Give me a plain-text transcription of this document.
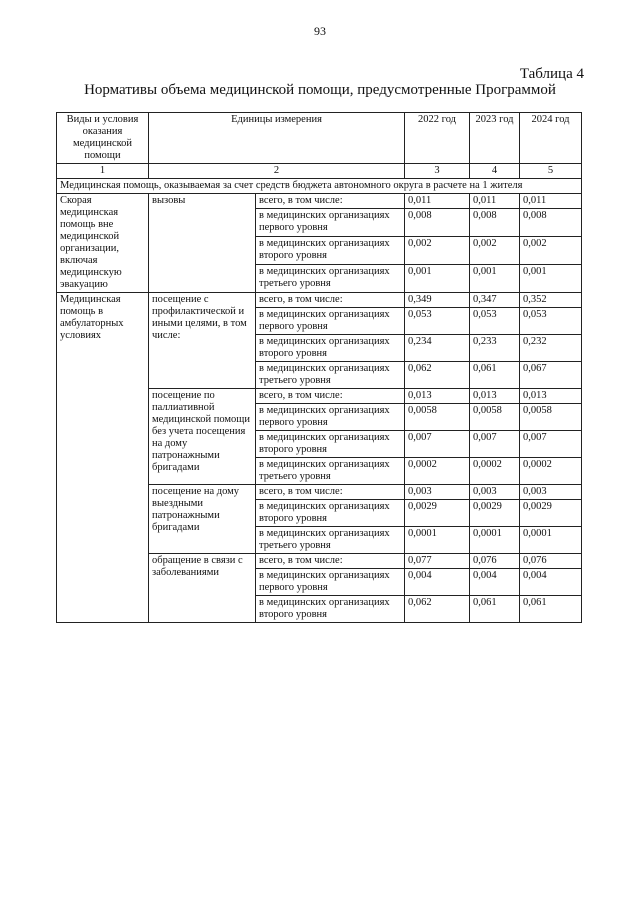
93
Таблица 4
Нормативы объема медицинской помощи, предусмотренные Программой
Виды и условия оказания медицинской помощи	Единицы измерения		2022 год	2023 год	2024 год
1	2		3	4	5
Медицинская помощь, оказываемая за счет средств бюджета автономного округа в расчете на 1 жителя					
Скорая медицинская помощь вне медицинской организации, включая медицинскую эвакуацию	вызовы	всего, в том числе:	0,011	0,011	0,011
		в медицинских организациях первого уровня	0,008	0,008	0,008
		в медицинских организациях второго уровня	0,002	0,002	0,002
		в медицинских организациях третьего уровня	0,001	0,001	0,001
Медицинская помощь в амбулаторных условиях	посещение с профилактической и иными целями, в том числе:	всего, в том числе:	0,349	0,347	0,352
		в медицинских организациях первого уровня	0,053	0,053	0,053
		в медицинских организациях второго уровня	0,234	0,233	0,232
		в медицинских организациях третьего уровня	0,062	0,061	0,067
	посещение по паллиативной медицинской помощи без учета посещения на дому патронажными бригадами	всего, в том числе:	0,013	0,013	0,013
		в медицинских организациях первого уровня	0,0058	0,0058	0,0058
		в медицинских организациях второго уровня	0,007	0,007	0,007
		в медицинских организациях третьего уровня	0,0002	0,0002	0,0002
	посещение на дому выездными патронажными бригадами	всего, в том числе:	0,003	0,003	0,003
		в медицинских организациях второго уровня	0,0029	0,0029	0,0029
		в медицинских организациях третьего уровня	0,0001	0,0001	0,0001
	обращение в связи с заболеваниями	всего, в том числе:	0,077	0,076	0,076
		в медицинских организациях первого уровня	0,004	0,004	0,004
		в медицинских организациях второго уровня	0,062	0,061	0,061
